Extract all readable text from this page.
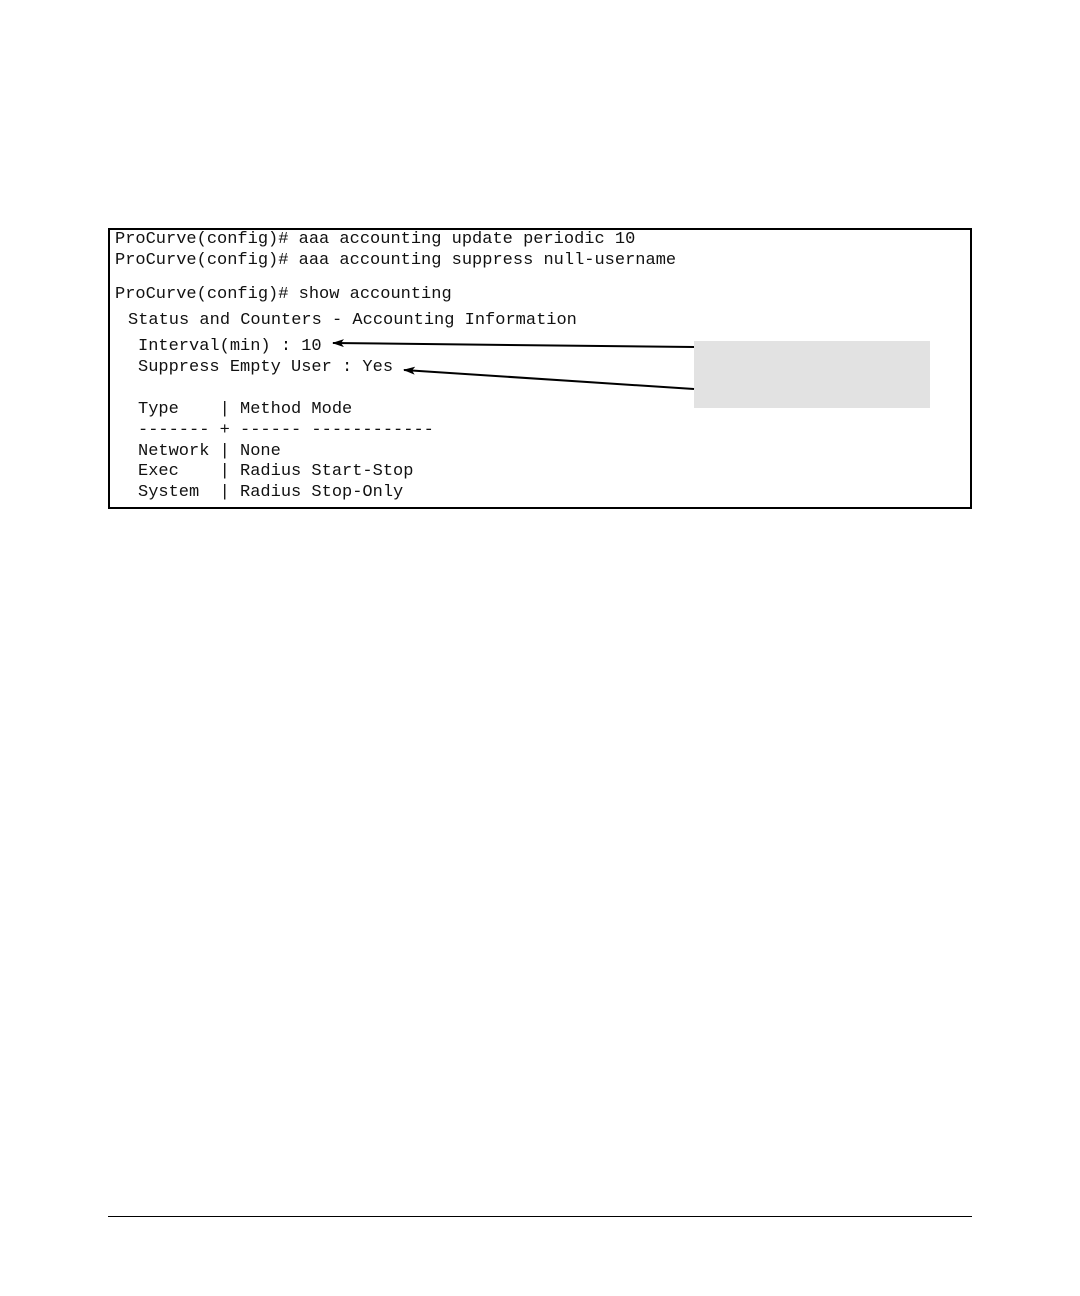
ProCurve(config)# aaa accounting update periodic 10
ProCurve(config)# aaa accounting suppress null-username
ProCurve(config)# show accounting
Status and Counters - Accounting Information
Interval(min) : 10
Suppress Empty User : Yes
Type    | Method Mode
------- + ------ ------------
Network | None
Exec    | Radius Start-Stop
System  | Radius Stop-Only
